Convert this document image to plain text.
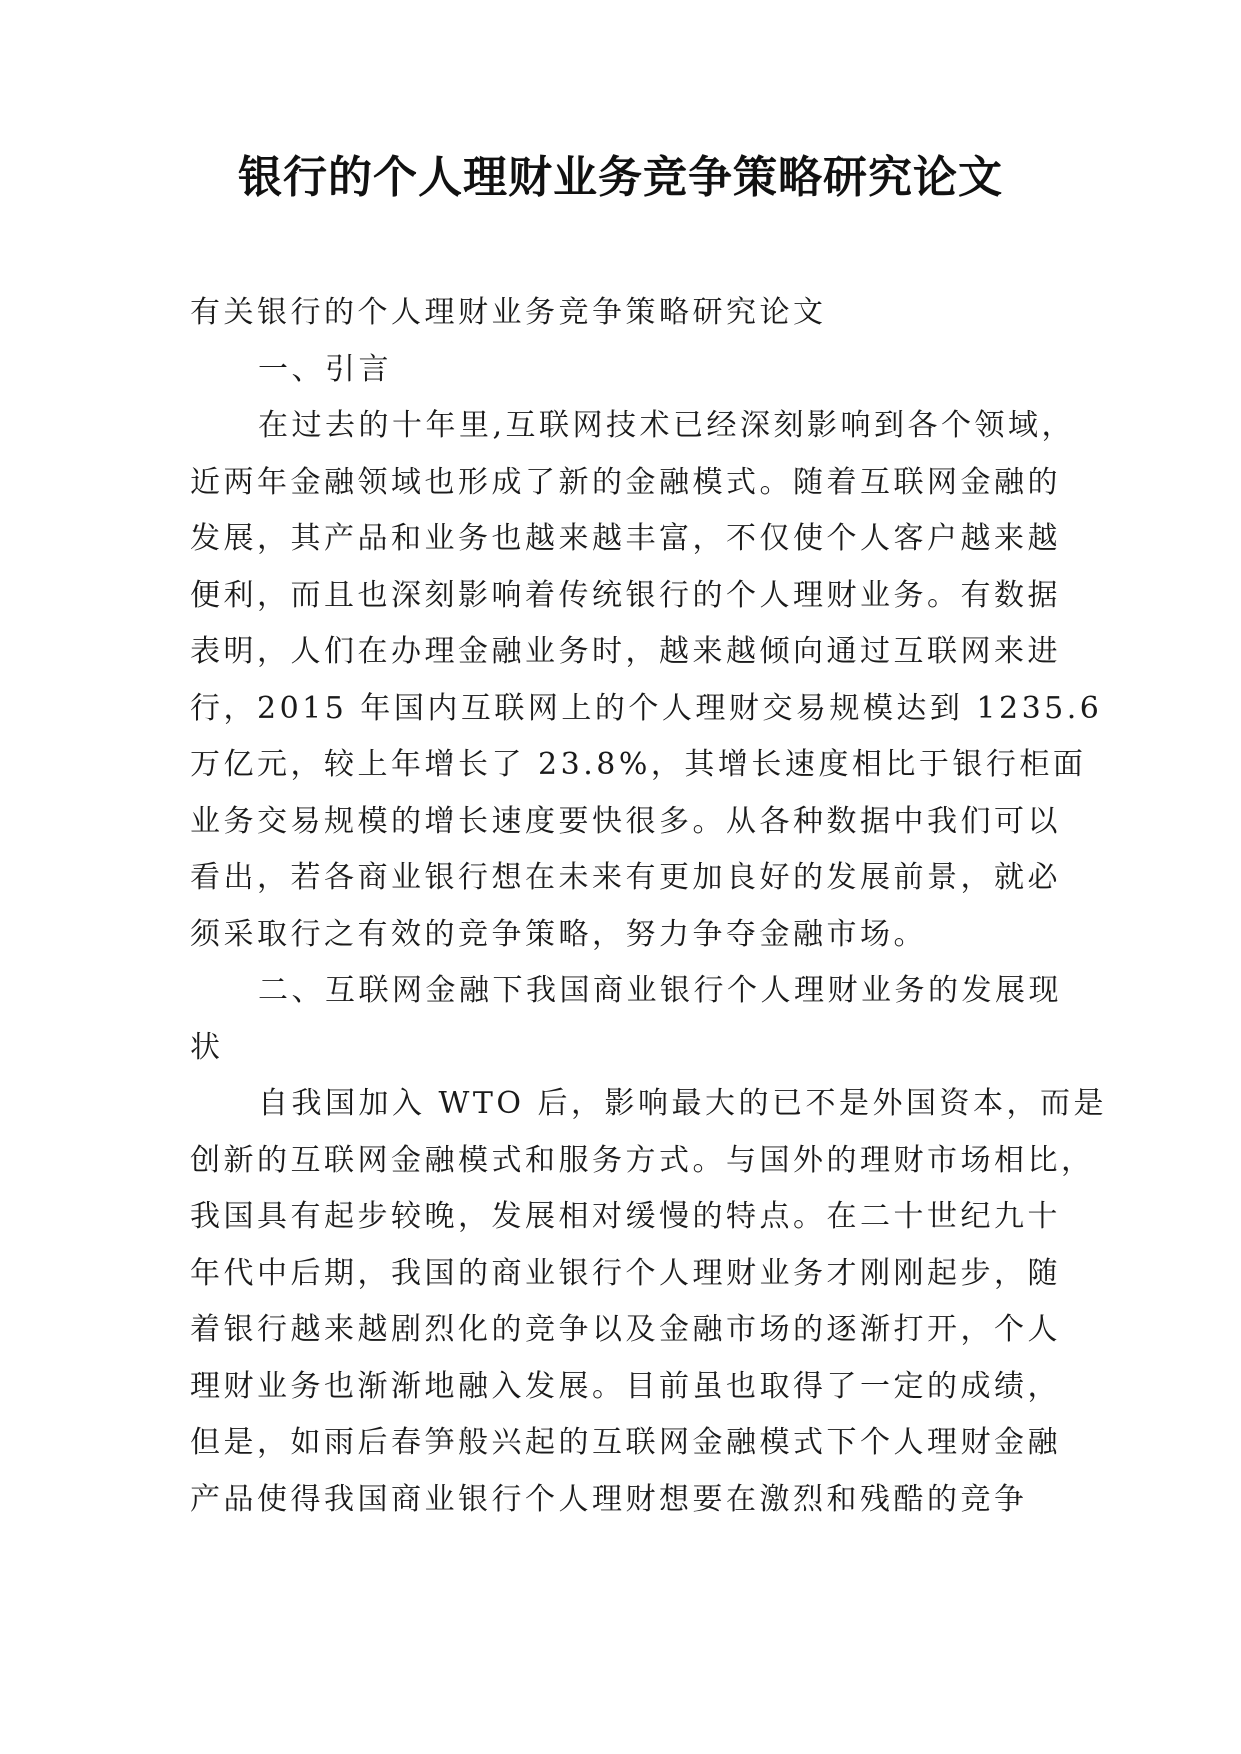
银行的个人理财业务竞争策略研究论文
有关银行的个人理财业务竞争策略研究论文
一、引言
在过去的十年里,互联网技术已经深刻影响到各个领域，
近两年金融领域也形成了新的金融模式。随着互联网金融的
发展，其产品和业务也越来越丰富，不仅使个人客户越来越
便利，而且也深刻影响着传统银行的个人理财业务。有数据
表明，人们在办理金融业务时，越来越倾向通过互联网来进
行，2015 年国内互联网上的个人理财交易规模达到 1235.6
万亿元，较上年增长了 23.8%，其增长速度相比于银行柜面
业务交易规模的增长速度要快很多。从各种数据中我们可以
看出，若各商业银行想在未来有更加良好的发展前景，就必
须采取行之有效的竞争策略，努力争夺金融市场。
二、互联网金融下我国商业银行个人理财业务的发展现
状
自我国加入 WTO 后，影响最大的已不是外国资本，而是
创新的互联网金融模式和服务方式。与国外的理财市场相比，
我国具有起步较晚，发展相对缓慢的特点。在二十世纪九十
年代中后期，我国的商业银行个人理财业务才刚刚起步，随
着银行越来越剧烈化的竞争以及金融市场的逐渐打开，个人
理财业务也渐渐地融入发展。目前虽也取得了一定的成绩，
但是，如雨后春笋般兴起的互联网金融模式下个人理财金融
产品使得我国商业银行个人理财想要在激烈和残酷的竞争
